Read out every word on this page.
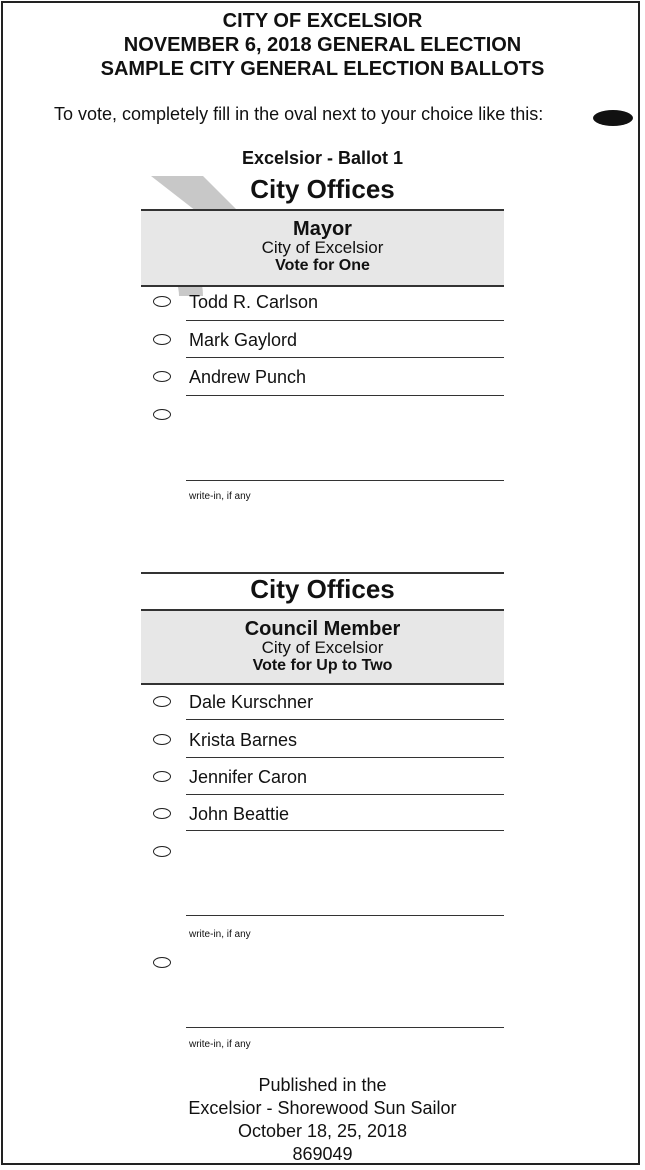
CITY OF EXCELSIOR
NOVEMBER 6, 2018 GENERAL ELECTION
SAMPLE CITY GENERAL ELECTION BALLOTS
To vote, completely fill in the oval next to your choice like this:
Excelsior - Ballot 1
City Offices
Mayor
City of Excelsior
Vote for One
Todd R. Carlson
Mark Gaylord
Andrew Punch
write-in, if any
City Offices
Council Member
City of Excelsior
Vote for Up to Two
Dale Kurschner
Krista Barnes
Jennifer Caron
John Beattie
write-in, if any
write-in, if any
Published in the
Excelsior - Shorewood Sun Sailor
October 18, 25, 2018
869049
